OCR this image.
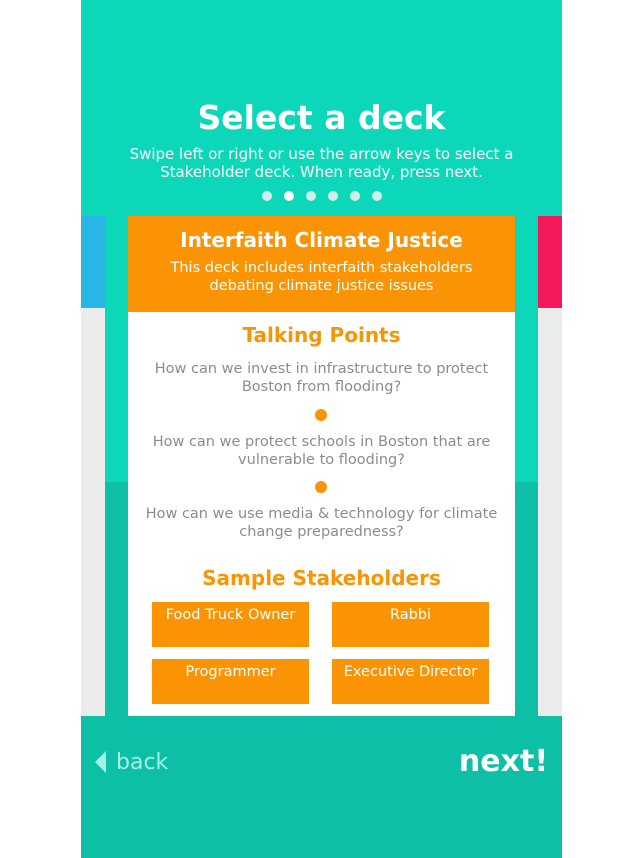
Select a deck
Swipe left or right or use the arrow keys to select a Stakeholder deck. When ready, press next.

Interfaith Climate Justice
This deck includes interfaith stakeholders debating climate justice issues
Talking Points
How can we invest in infrastructure to protect Boston from flooding?
How can we protect schools in Boston that are vulnerable to flooding?
How can we use media & technology for climate change preparedness?
Sample Stakeholders
Food Truck Owner	Rabbi
Programmer	Executive Director
back	next!
